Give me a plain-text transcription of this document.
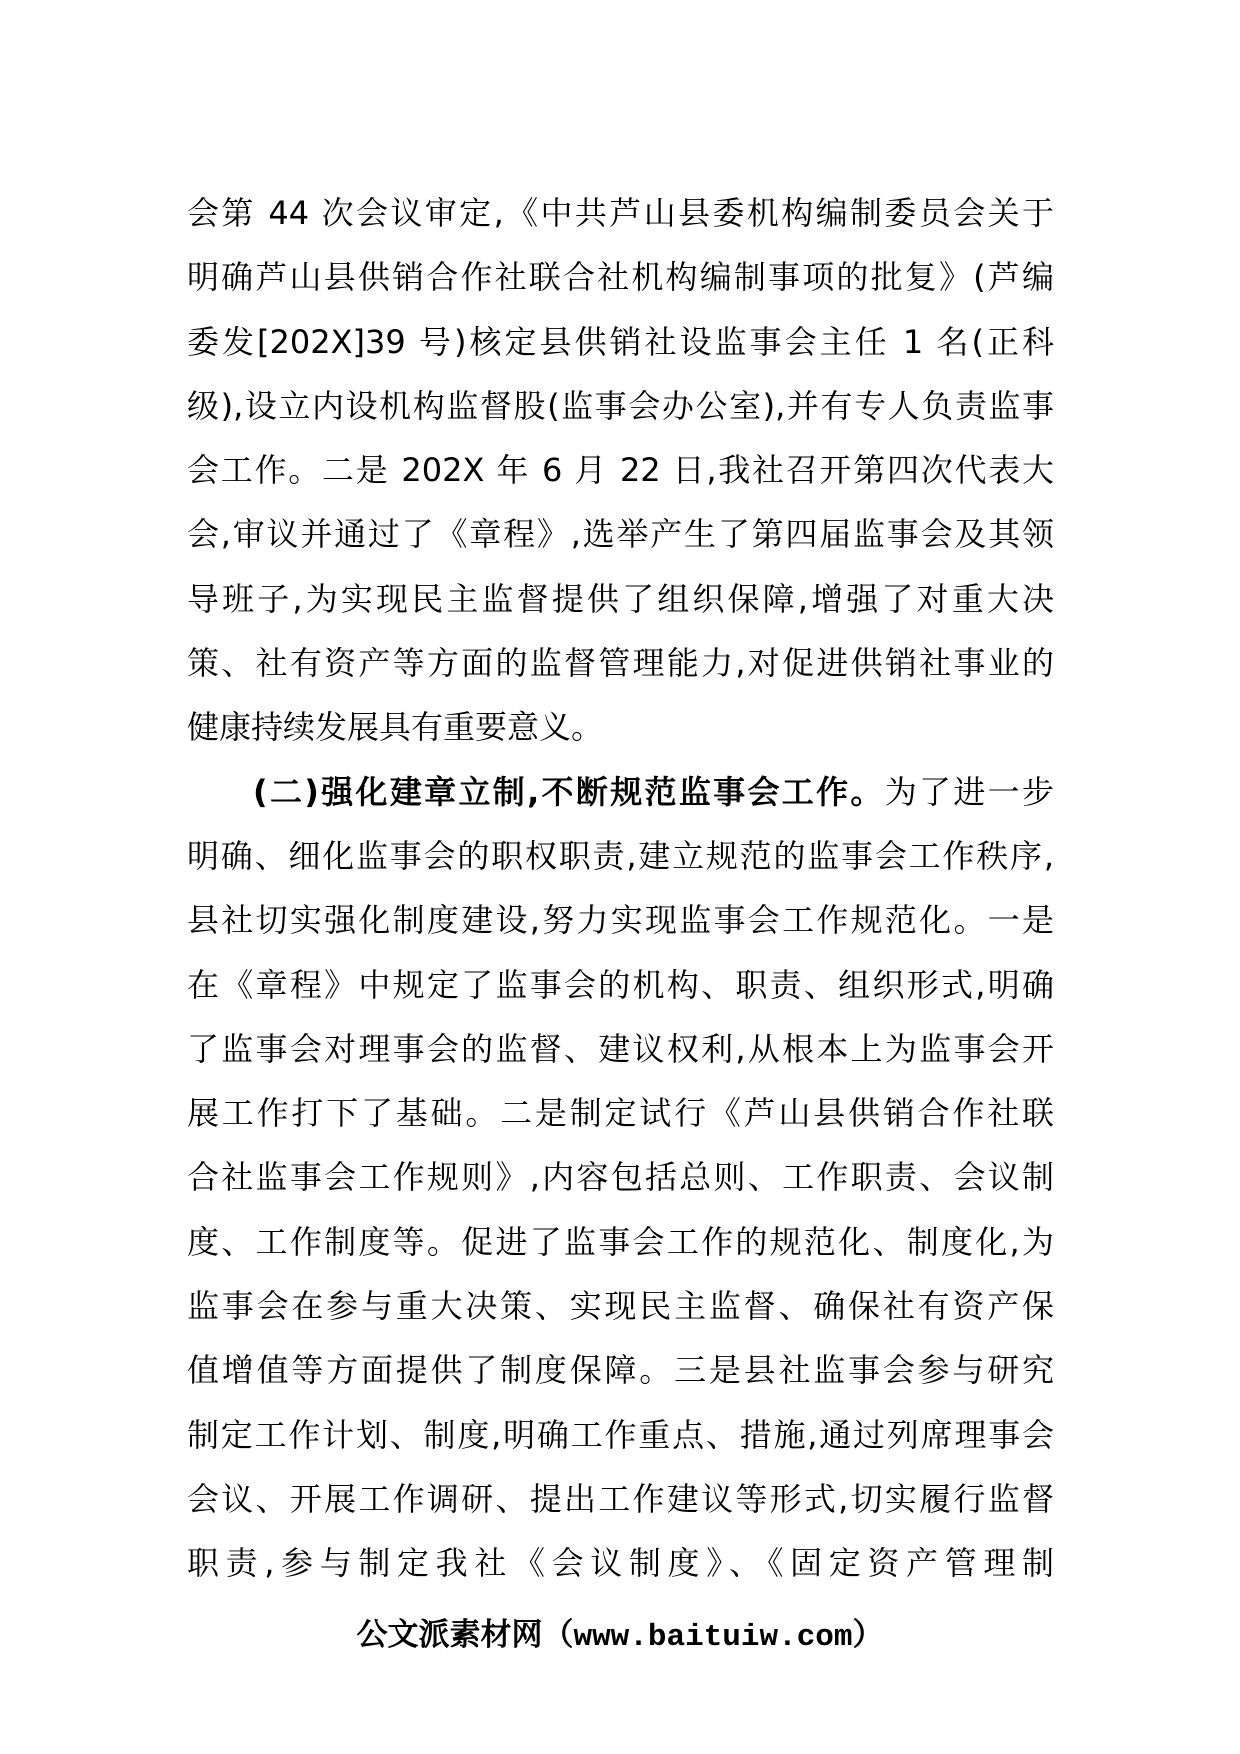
会第 44 次会议审定,《中共芦山县委机构编制委员会关于
明确芦山县供销合作社联合社机构编制事项的批复》(芦编
委发[202X]39 号)核定县供销社设监事会主任 1 名(正科
级),设立内设机构监督股(监事会办公室),并有专人负责监事
会工作。二是 202X 年 6 月 22 日,我社召开第四次代表大
会,审议并通过了《章程》,选举产生了第四届监事会及其领
导班子,为实现民主监督提供了组织保障,增强了对重大决
策、社有资产等方面的监督管理能力,对促进供销社事业的
健康持续发展具有重要意义。
(二)强化建章立制,不断规范监事会工作。为了进一步
明确、细化监事会的职权职责,建立规范的监事会工作秩序,
县社切实强化制度建设,努力实现监事会工作规范化。一是
在《章程》中规定了监事会的机构、职责、组织形式,明确
了监事会对理事会的监督、建议权利,从根本上为监事会开
展工作打下了基础。二是制定试行《芦山县供销合作社联
合社监事会工作规则》,内容包括总则、工作职责、会议制
度、工作制度等。促进了监事会工作的规范化、制度化,为
监事会在参与重大决策、实现民主监督、确保社有资产保
值增值等方面提供了制度保障。三是县社监事会参与研究
制定工作计划、制度,明确工作重点、措施,通过列席理事会
会议、开展工作调研、提出工作建议等形式,切实履行监督
职责,参与制定我社《会议制度》、《固定资产管理制
公文派素材网（www.baituiw.com）
